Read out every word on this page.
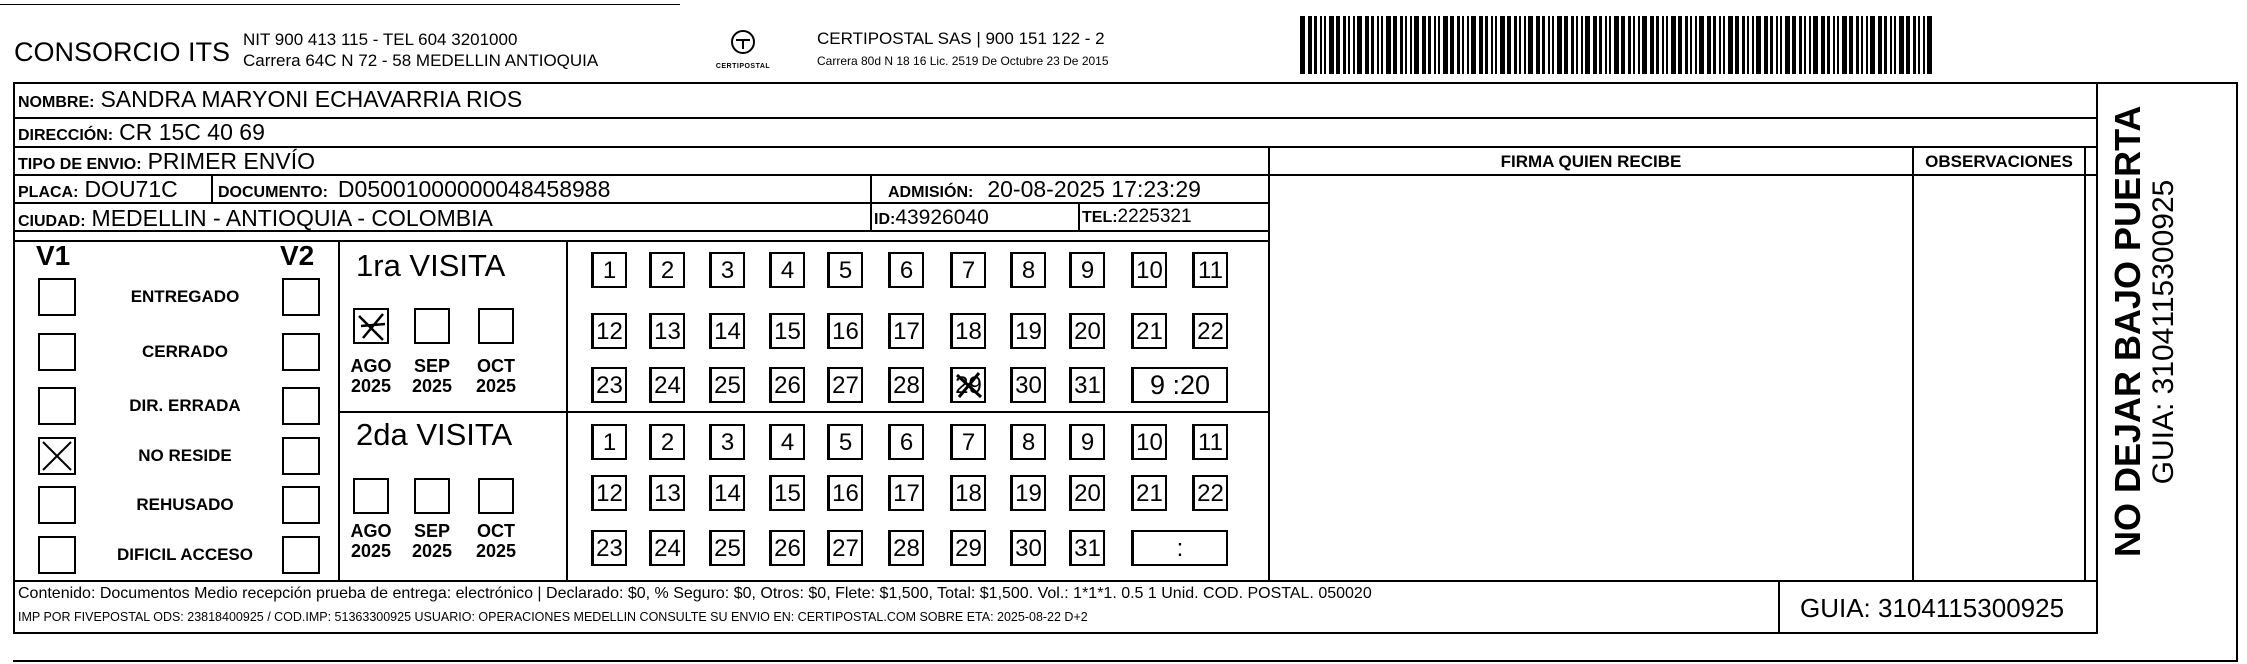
CONSORCIO ITS NIT 900 413 115 - TEL 604 3201000
Carrera 64C N 72 - 58 MEDELLIN ANTIOQUIA	CERTIPOSTAL
CERTIPOSTAL SAS | 900 151 122 - 2
Carrera 80d N 18 16 Lic. 2519 De Octubre 23 De 2015
NOMBRE: SANDRA MARYONI ECHAVARRIA RIOS
DIRECCIÓN: CR 15C 40 69
TIPO DE ENVIO: PRIMER ENVÍO
PLACA: DOU71C	DOCUMENTO: D05001000000048458988	ADMISIÓN: 20-08-2025 17:23:29
CIUDAD: MEDELLIN - ANTIOQUIA - COLOMBIA	ID:43926040	TEL:2225321
FIRMA QUIEN RECIBE	OBSERVACIONES NO DEJAR BAJO PUERTA GUIA: 3104115300925
V1	V2
ENTREGADO
CERRADO
DIR. ERRADA
NO RESIDE
REHUSADO
DIFICIL ACCESO
1ra VISITA
2da VISITA
AGO
2025
SEP
2025
OCT
2025
AGO
2025
SEP
2025
OCT
2025
1	2	3	4	5	6	7	8	9	10 11
12 13 14 15 16 17 18 19 20 21 22
23 24 25 26 27 28 29 30 31	9 :20
1	2	3	4	5	6	7	8	9	10 11
12 13 14 15 16 17 18 19 20 21 22
23 24 25 26 27 28 29 30 31	:
Contenido: Documentos Medio recepción prueba de entrega: electrónico | Declarado: $0, % Seguro: $0, Otros: $0, Flete: $1,500, Total: $1,500. Vol.: 1*1*1. 0.5 1 Unid. COD. POSTAL. 050020
IMP POR FIVEPOSTAL ODS: 23818400925 / COD.IMP: 51363300925 USUARIO: OPERACIONES MEDELLIN CONSULTE SU ENVIO EN: CERTIPOSTAL.COM SOBRE ETA: 2025-08-22 D+2	GUIA: 3104115300925
